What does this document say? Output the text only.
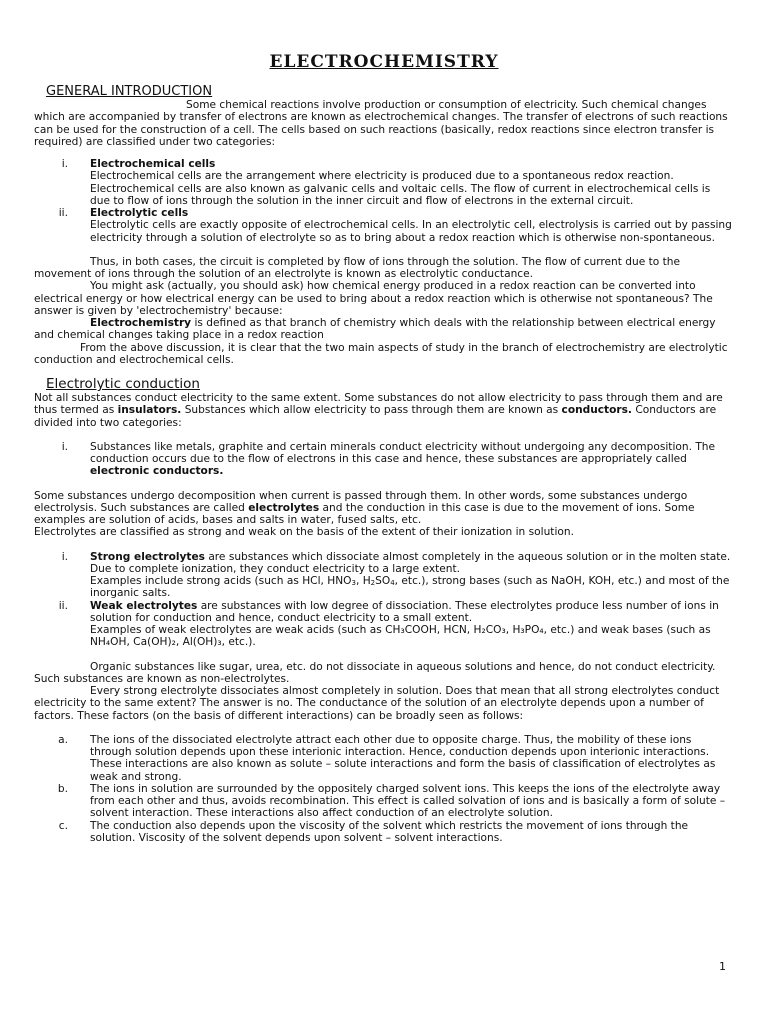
ELECTROCHEMISTRY
GENERAL INTRODUCTION

Some chemical reactions involve production or consumption of electricity. Such chemical changes which are accompanied by transfer of electrons are known as electrochemical changes. The transfer of electrons of such reactions can be used for the construction of a cell. The cells based on such reactions (basically, redox reactions since electron transfer is required) are classified under two categories:

i.	Electrochemical cells
Electrochemical cells are the arrangement where electricity is produced due to a spontaneous redox reaction. Electrochemical cells are also known as galvanic cells and voltaic cells. The flow of current in electrochemical cells is due to flow of ions through the solution in the inner circuit and flow of electrons in the external circuit.
ii.	Electrolytic cells
Electrolytic cells are exactly opposite of electrochemical cells. In an electrolytic cell, electrolysis is carried out by passing electricity through a solution of electrolyte so as to bring about a redox reaction which is otherwise non-spontaneous.

Thus, in both cases, the circuit is completed by flow of ions through the solution. The flow of current due to the movement of ions through the solution of an electrolyte is known as electrolytic conductance.

You might ask (actually, you should ask) how chemical energy produced in a redox reaction can be converted into electrical energy or how electrical energy can be used to bring about a redox reaction which is otherwise not spontaneous? The answer is given by 'electrochemistry' because:

Electrochemistry is defined as that branch of chemistry which deals with the relationship between electrical energy and chemical changes taking place in a redox reaction

From the above discussion, it is clear that the two main aspects of study in the branch of electrochemistry are electrolytic conduction and electrochemical cells.

Electrolytic conduction

Not all substances conduct electricity to the same extent. Some substances do not allow electricity to pass through them and are thus termed as insulators. Substances which allow electricity to pass through them are known as conductors. Conductors are divided into two categories:

i.	Substances like metals, graphite and certain minerals conduct electricity without undergoing any decomposition. The conduction occurs due to the flow of electrons in this case and hence, these substances are appropriately called electronic conductors.

Some substances undergo decomposition when current is passed through them. In other words, some substances undergo electrolysis. Such substances are called electrolytes and the conduction in this case is due to the movement of ions. Some examples are solution of acids, bases and salts in water, fused salts, etc.

Electrolytes are classified as strong and weak on the basis of the extent of their ionization in solution.

i.	Strong electrolytes are substances which dissociate almost completely in the aqueous solution or in the molten state. Due to complete ionization, they conduct electricity to a large extent.
Examples include strong acids (such as HCl, $HNO_3$, $H_2SO_4$, etc.), strong bases (such as NaOH, KOH, etc.) and most of the inorganic salts.
ii.	Weak electrolytes are substances with low degree of dissociation. These electrolytes produce less number of ions in solution for conduction and hence, conduct electricity to a small extent.
Examples of weak electrolytes are weak acids (such as CH₃COOH, HCN, H₂CO₃, H₃PO₄, etc.) and weak bases (such as NH₄OH, Ca(OH)₂, Al(OH)₃, etc.).

Organic substances like sugar, urea, etc. do not dissociate in aqueous solutions and hence, do not conduct electricity. Such substances are known as non-electrolytes.

Every strong electrolyte dissociates almost completely in solution. Does that mean that all strong electrolytes conduct electricity to the same extent? The answer is no. The conductance of the solution of an electrolyte depends upon a number of factors. These factors (on the basis of different interactions) can be broadly seen as follows:

a.	The ions of the dissociated electrolyte attract each other due to opposite charge. Thus, the mobility of these ions through solution depends upon these interionic interaction. Hence, conduction depends upon interionic interactions. These interactions are also known as solute – solute interactions and form the basis of classification of electrolytes as weak and strong.
b.	The ions in solution are surrounded by the oppositely charged solvent ions. This keeps the ions of the electrolyte away from each other and thus, avoids recombination. This effect is called solvation of ions and is basically a form of solute – solvent interaction. These interactions also affect conduction of an electrolyte solution.
c.	The conduction also depends upon the viscosity of the solvent which restricts the movement of ions through the solution. Viscosity of the solvent depends upon solvent – solvent interactions.
1
